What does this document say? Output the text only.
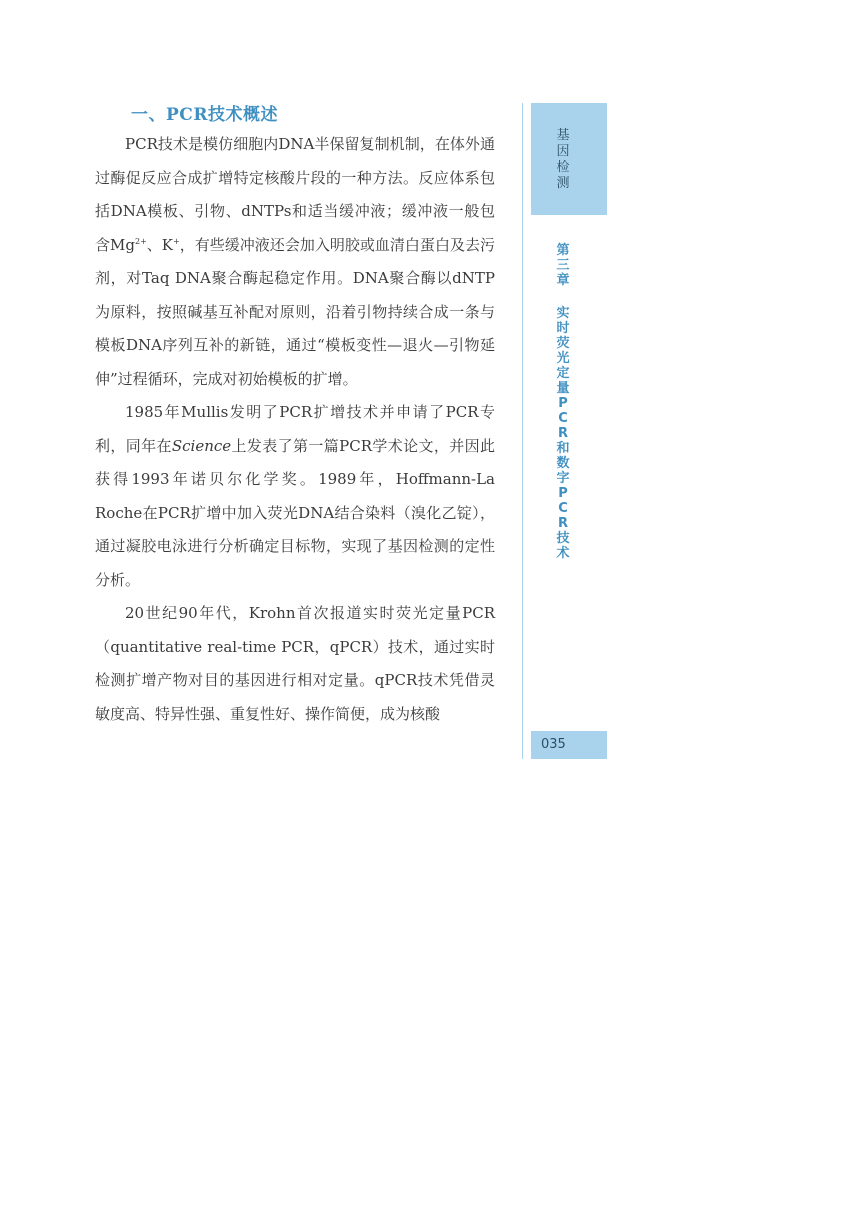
一、PCR技术概述

PCR技术是模仿细胞内DNA半保留复制机制，在体外通过酶促反应合成扩增特定核酸片段的一种方法。反应体系包括DNA模板、引物、dNTPs和适当缓冲液；缓冲液一般包含$Mg^{2+}$、K+，有些缓冲液还会加入明胶或血清白蛋白及去污剂，对Taq DNA聚合酶起稳定作用。DNA聚合酶以dNTP为原料，按照碱基互补配对原则，沿着引物持续合成一条与模板DNA序列互补的新链，通过“模板变性—退火—引物延伸”过程循环，完成对初始模板的扩增。

1985年Mullis发明了PCR扩增技术并申请了PCR专利，同年在Science上发表了第一篇PCR学术论文，并因此获得1993年诺贝尔化学奖。1989年，Hoffmann-La Roche在PCR扩增中加入荧光DNA结合染料（溴化乙锭），通过凝胶电泳进行分析确定目标物，实现了基因检测的定性分析。

20世纪90年代，Krohn首次报道实时荧光定量PCR（quantitative real-time PCR，qPCR）技术，通过实时检测扩增产物对目的基因进行相对定量。qPCR技术凭借灵敏度高、特异性强、重复性好、操作简便，成为核酸

基因检测
第三章
实时荧光定量PCR和数字PCR技术
035
